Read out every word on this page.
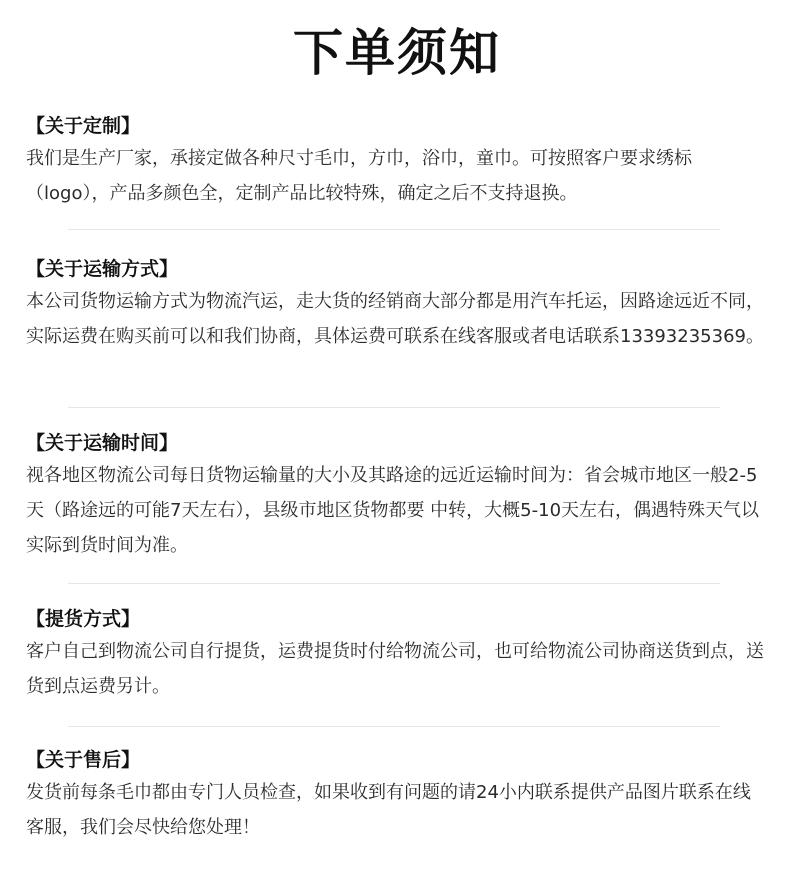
下单须知
【关于定制】
我们是生产厂家，承接定做各种尺寸毛巾，方巾，浴巾，童巾。可按照客户要求绣标（logo），产品多颜色全，定制产品比较特殊，确定之后不支持退换。
【关于运输方式】
本公司货物运输方式为物流汽运，走大货的经销商大部分都是用汽车托运，因路途远近不同，实际运费在购买前可以和我们协商，具体运费可联系在线客服或者电话联系13393235369。
【关于运输时间】
视各地区物流公司每日货物运输量的大小及其路途的远近运输时间为：省会城市地区一般2-5天（路途远的可能7天左右），县级市地区货物都要 中转，大概5-10天左右，偶遇特殊天气以实际到货时间为准。
【提货方式】
客户自己到物流公司自行提货，运费提货时付给物流公司，也可给物流公司协商送货到点，送货到点运费另计。
【关于售后】
发货前每条毛巾都由专门人员检查，如果收到有问题的请24小内联系提供产品图片联系在线客服，我们会尽快给您处理！
